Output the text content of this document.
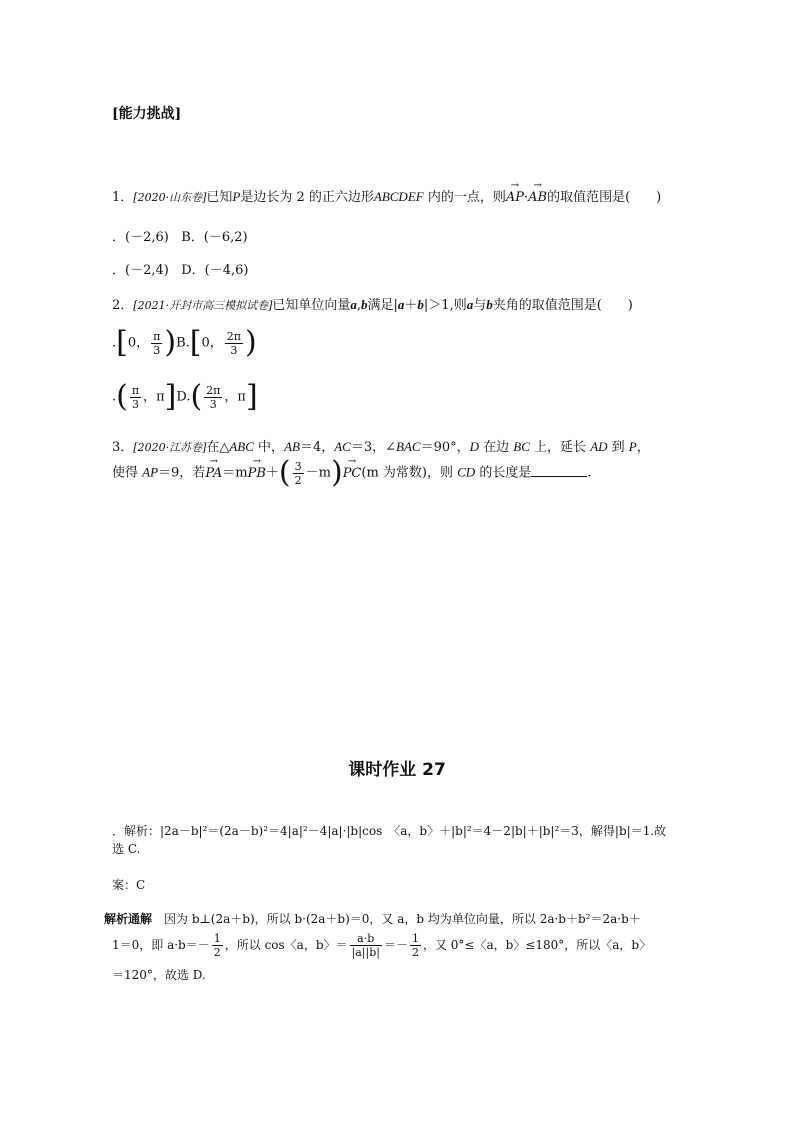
[能力挑战]
1．[2020·山东卷]已知P是边长为 2 的正六边形ABCDEF 内的一点，则→ AP·→ AB的取值范围是(　　)
．(－2,6) B．(－6,2)
．(－2,4) D．(－4,6)
2．[2021·开封市高三模拟试卷]已知单位向量a,b满足|a＋b|＞1,则a与b夹角的取值范围是(　　)
.[0， $\frac{\pi}{3} )B.[0$， $\frac{2\pi}{3}$ )
.( $\frac{\pi}{3}$ ，$\pi]D.( \frac{2\pi}{3}$ ，π]
3．[2020·江苏卷]在△ABC 中，AB＝4，AC＝3，∠BAC＝90°，D 在边 BC 上，延长 AD 到 P，
使得 AP＝9，若→ $PA=m\to PB+( \frac{3}{2} -m)\to PC(m$ 为常数)，则 CD 的长度是	.
课时作业 27
．解析：|2a－b|²＝(2a－b)²＝4|a|²－4|a|·|b|cos　〈a，b〉＋|b|²＝4－2|b|＋|b|²＝3，解得|b|＝1.故
选 C.
案：C
解析通解　因为 b⊥(2a＋b)，所以 b·(2a＋b)＝0，又 a，b 均为单位向量，所以 2a·b＋b²＝2a·b＋
1＝0，即 $a\cdot b=- \frac{1}{2}$ ，所以 cos〈a，b〉＝ $\frac{a\cdot b}{|a||b|} =- \frac{1}{2}$ ，又 0°≤〈a，b〉≤180°，所以〈a，b〉
＝120°，故选 D.
